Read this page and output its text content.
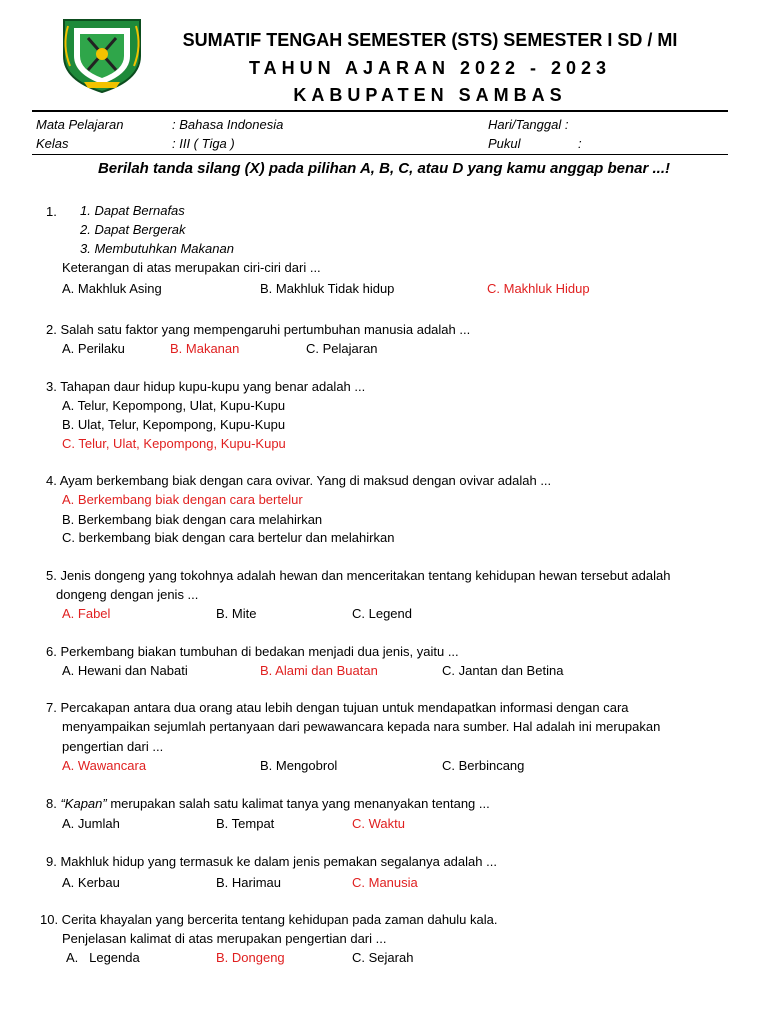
SUMATIF TENGAH SEMESTER (STS) SEMESTER I SD / MI
TAHUN AJARAN 2022 - 2023
KABUPATEN SAMBAS
Mata Pelajaran	: Bahasa Indonesia	Hari/Tanggal :
Kelas	: III ( Tiga )	Pukul	:
Berilah tanda silang (X) pada pilihan A, B, C, atau D yang kamu anggap benar ...!
1. 1. Dapat Bernafas
2. Dapat Bergerak
3. Membutuhkan Makanan
Keterangan di atas merupakan ciri-ciri dari ...
A. Makhluk Asing	B. Makhluk Tidak hidup	C. Makhluk Hidup
2. Salah satu faktor yang mempengaruhi pertumbuhan manusia adalah ...
A. Perilaku	B. Makanan	C. Pelajaran
3. Tahapan daur hidup kupu-kupu yang benar adalah ...
A. Telur, Kepompong, Ulat, Kupu-Kupu
B. Ulat, Telur, Kepompong, Kupu-Kupu
C. Telur, Ulat, Kepompong, Kupu-Kupu
4. Ayam berkembang biak dengan cara ovivar. Yang di maksud dengan ovivar adalah ...
A. Berkembang biak dengan cara bertelur
B. Berkembang biak dengan cara melahirkan
C. berkembang biak dengan cara bertelur dan melahirkan
5. Jenis dongeng yang tokohnya adalah hewan dan menceritakan tentang kehidupan hewan tersebut adalah
dongeng dengan jenis ...
A. Fabel	B. Mite	C. Legend
6. Perkembang biakan tumbuhan di bedakan menjadi dua jenis, yaitu ...
A. Hewani dan Nabati	B. Alami dan Buatan	C. Jantan dan Betina
7. Percakapan antara dua orang atau lebih dengan tujuan untuk mendapatkan informasi dengan cara
menyampaikan sejumlah pertanyaan dari pewawancara kepada nara sumber. Hal adalah ini merupakan
pengertian dari ...
A. Wawancara	B. Mengobrol	C. Berbincang
8. “Kapan” merupakan salah satu kalimat tanya yang menanyakan tentang ...
A. Jumlah	B. Tempat	C. Waktu
9. Makhluk hidup yang termasuk ke dalam jenis pemakan segalanya adalah ...
A. Kerbau	B. Harimau	C. Manusia
10. Cerita khayalan yang bercerita tentang kehidupan pada zaman dahulu kala.
Penjelasan kalimat di atas merupakan pengertian dari ...
A.   Legenda	B. Dongeng	C. Sejarah
